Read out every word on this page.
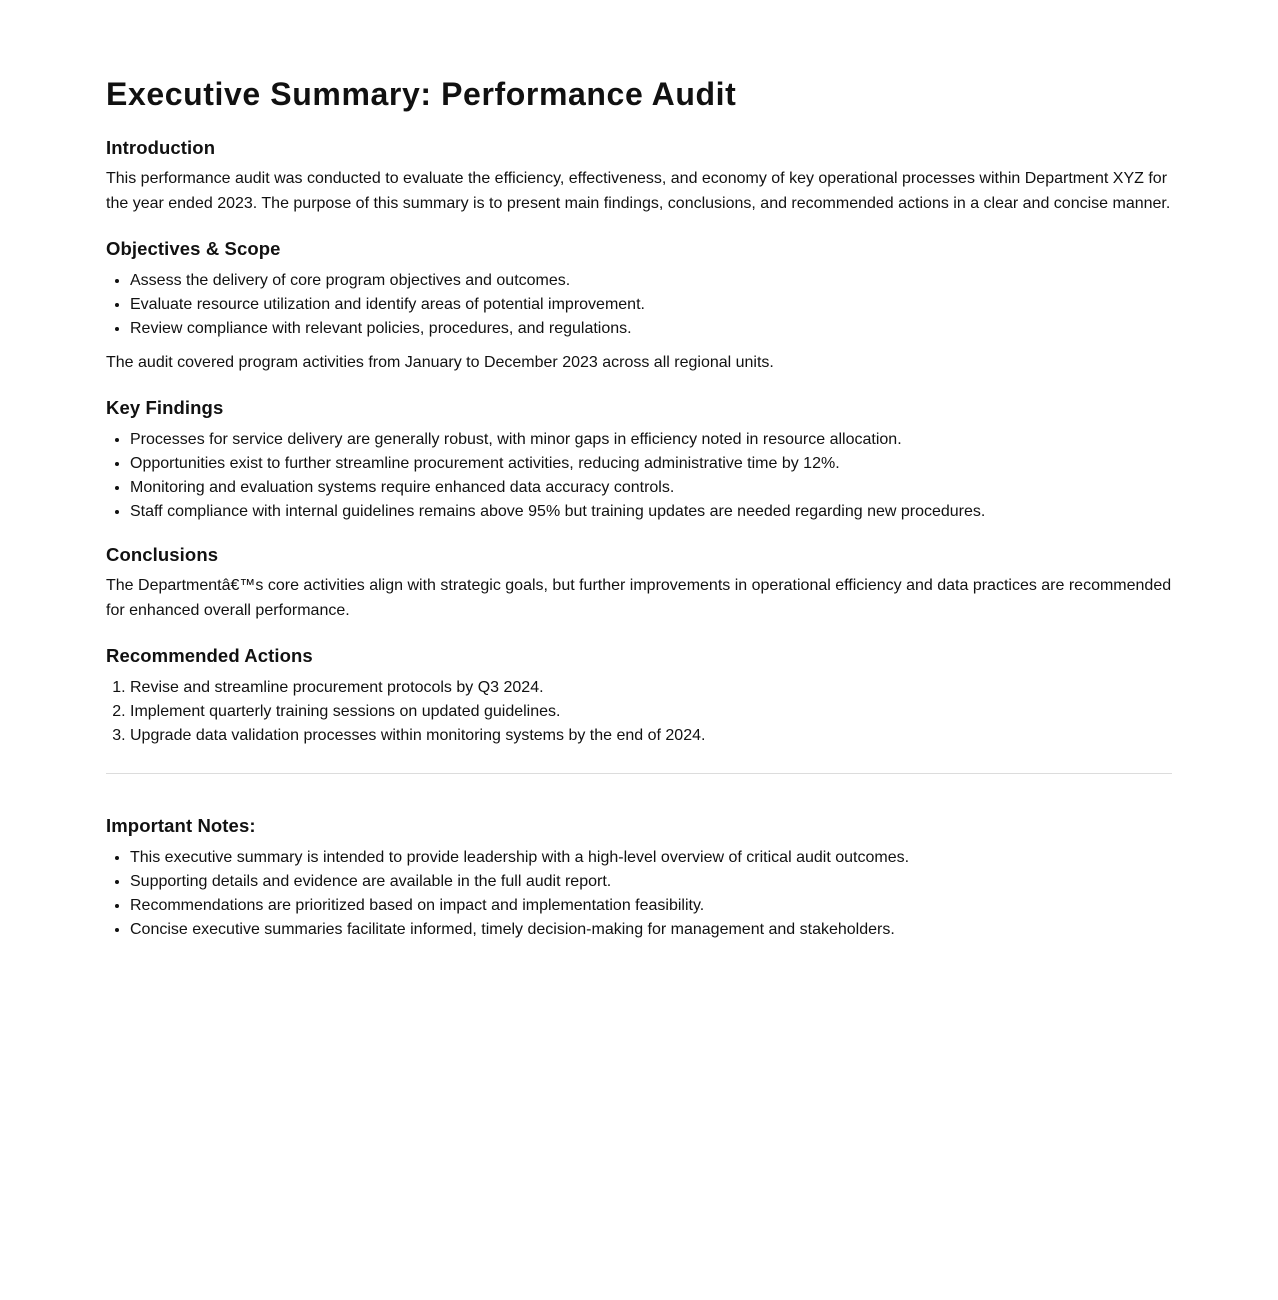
Executive Summary: Performance Audit
Introduction

This performance audit was conducted to evaluate the efficiency, effectiveness, and economy of key operational processes within Department XYZ for the year ended 2023. The purpose of this summary is to present main findings, conclusions, and recommended actions in a clear and concise manner.

Objectives & Scope
• Assess the delivery of core program objectives and outcomes.
• Evaluate resource utilization and identify areas of potential improvement.
• Review compliance with relevant policies, procedures, and regulations.

The audit covered program activities from January to December 2023 across all regional units.

Key Findings
• Processes for service delivery are generally robust, with minor gaps in efficiency noted in resource allocation.
• Opportunities exist to further streamline procurement activities, reducing administrative time by 12%.
• Monitoring and evaluation systems require enhanced data accuracy controls.
• Staff compliance with internal guidelines remains above 95% but training updates are needed regarding new procedures.
Conclusions

The Departmentâ€™s core activities align with strategic goals, but further improvements in operational efficiency and data practices are recommended for enhanced overall performance.

Recommended Actions
1. Revise and streamline procurement protocols by Q3 2024.
2. Implement quarterly training sessions on updated guidelines.
3. Upgrade data validation processes within monitoring systems by the end of 2024.
Important Notes:
• This executive summary is intended to provide leadership with a high-level overview of critical audit outcomes.
• Supporting details and evidence are available in the full audit report.
• Recommendations are prioritized based on impact and implementation feasibility.
• Concise executive summaries facilitate informed, timely decision-making for management and stakeholders.
